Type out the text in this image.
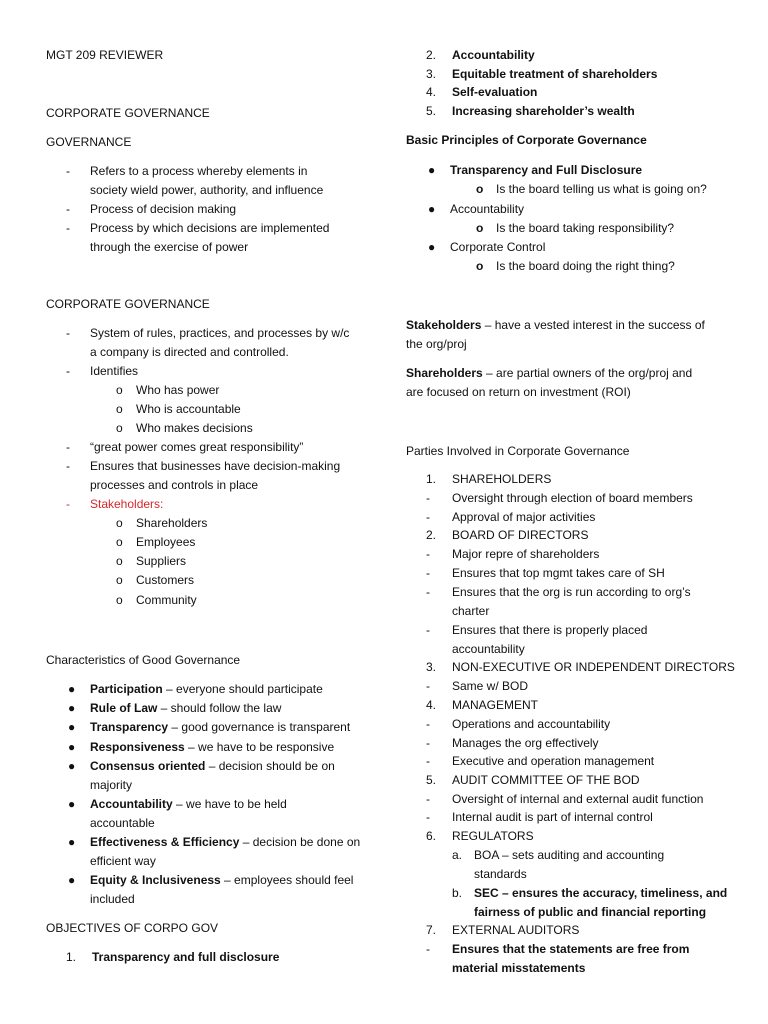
MGT 209 REVIEWER
CORPORATE GOVERNANCE
GOVERNANCE
- Refers to a process whereby elements in
society wield power, authority, and influence
- Process of decision making
- Process by which decisions are implemented
through the exercise of power
CORPORATE GOVERNANCE
- System of rules, practices, and processes by w/c
a company is directed and controlled.
- Identifies
o Who has power
o Who is accountable
o Who makes decisions
- “great power comes great responsibility”
- Ensures that businesses have decision-making
processes and controls in place
- Stakeholders:
o Shareholders
o Employees
o Suppliers
o Customers
o Community
Characteristics of Good Governance
● Participation – everyone should participate
● Rule of Law – should follow the law
● Transparency – good governance is transparent
● Responsiveness – we have to be responsive
● Consensus oriented – decision should be on
majority
● Accountability – we have to be held
accountable
● Effectiveness & Efficiency – decision be done on
efficient way
● Equity & Inclusiveness – employees should feel
included
OBJECTIVES OF CORPO GOV
1. Transparency and full disclosure
2. Accountability
3. Equitable treatment of shareholders
4. Self-evaluation
5. Increasing shareholder’s wealth
Basic Principles of Corporate Governance
● Transparency and Full Disclosure
o Is the board telling us what is going on?
● Accountability
o Is the board taking responsibility?
● Corporate Control
o Is the board doing the right thing?
Stakeholders – have a vested interest in the success of
the org/proj
Shareholders – are partial owners of the org/proj and
are focused on return on investment (ROI)
Parties Involved in Corporate Governance
1. SHAREHOLDERS
- Oversight through election of board members
- Approval of major activities
2. BOARD OF DIRECTORS
- Major repre of shareholders
- Ensures that top mgmt takes care of SH
- Ensures that the org is run according to org’s
charter
- Ensures that there is properly placed
accountability
3. NON-EXECUTIVE OR INDEPENDENT DIRECTORS
- Same w/ BOD
4. MANAGEMENT
- Operations and accountability
- Manages the org effectively
- Executive and operation management
5. AUDIT COMMITTEE OF THE BOD
- Oversight of internal and external audit function
- Internal audit is part of internal control
6. REGULATORS
a. BOA – sets auditing and accounting
standards
b. SEC – ensures the accuracy, timeliness, and
fairness of public and financial reporting
7. EXTERNAL AUDITORS
- Ensures that the statements are free from
material misstatements
